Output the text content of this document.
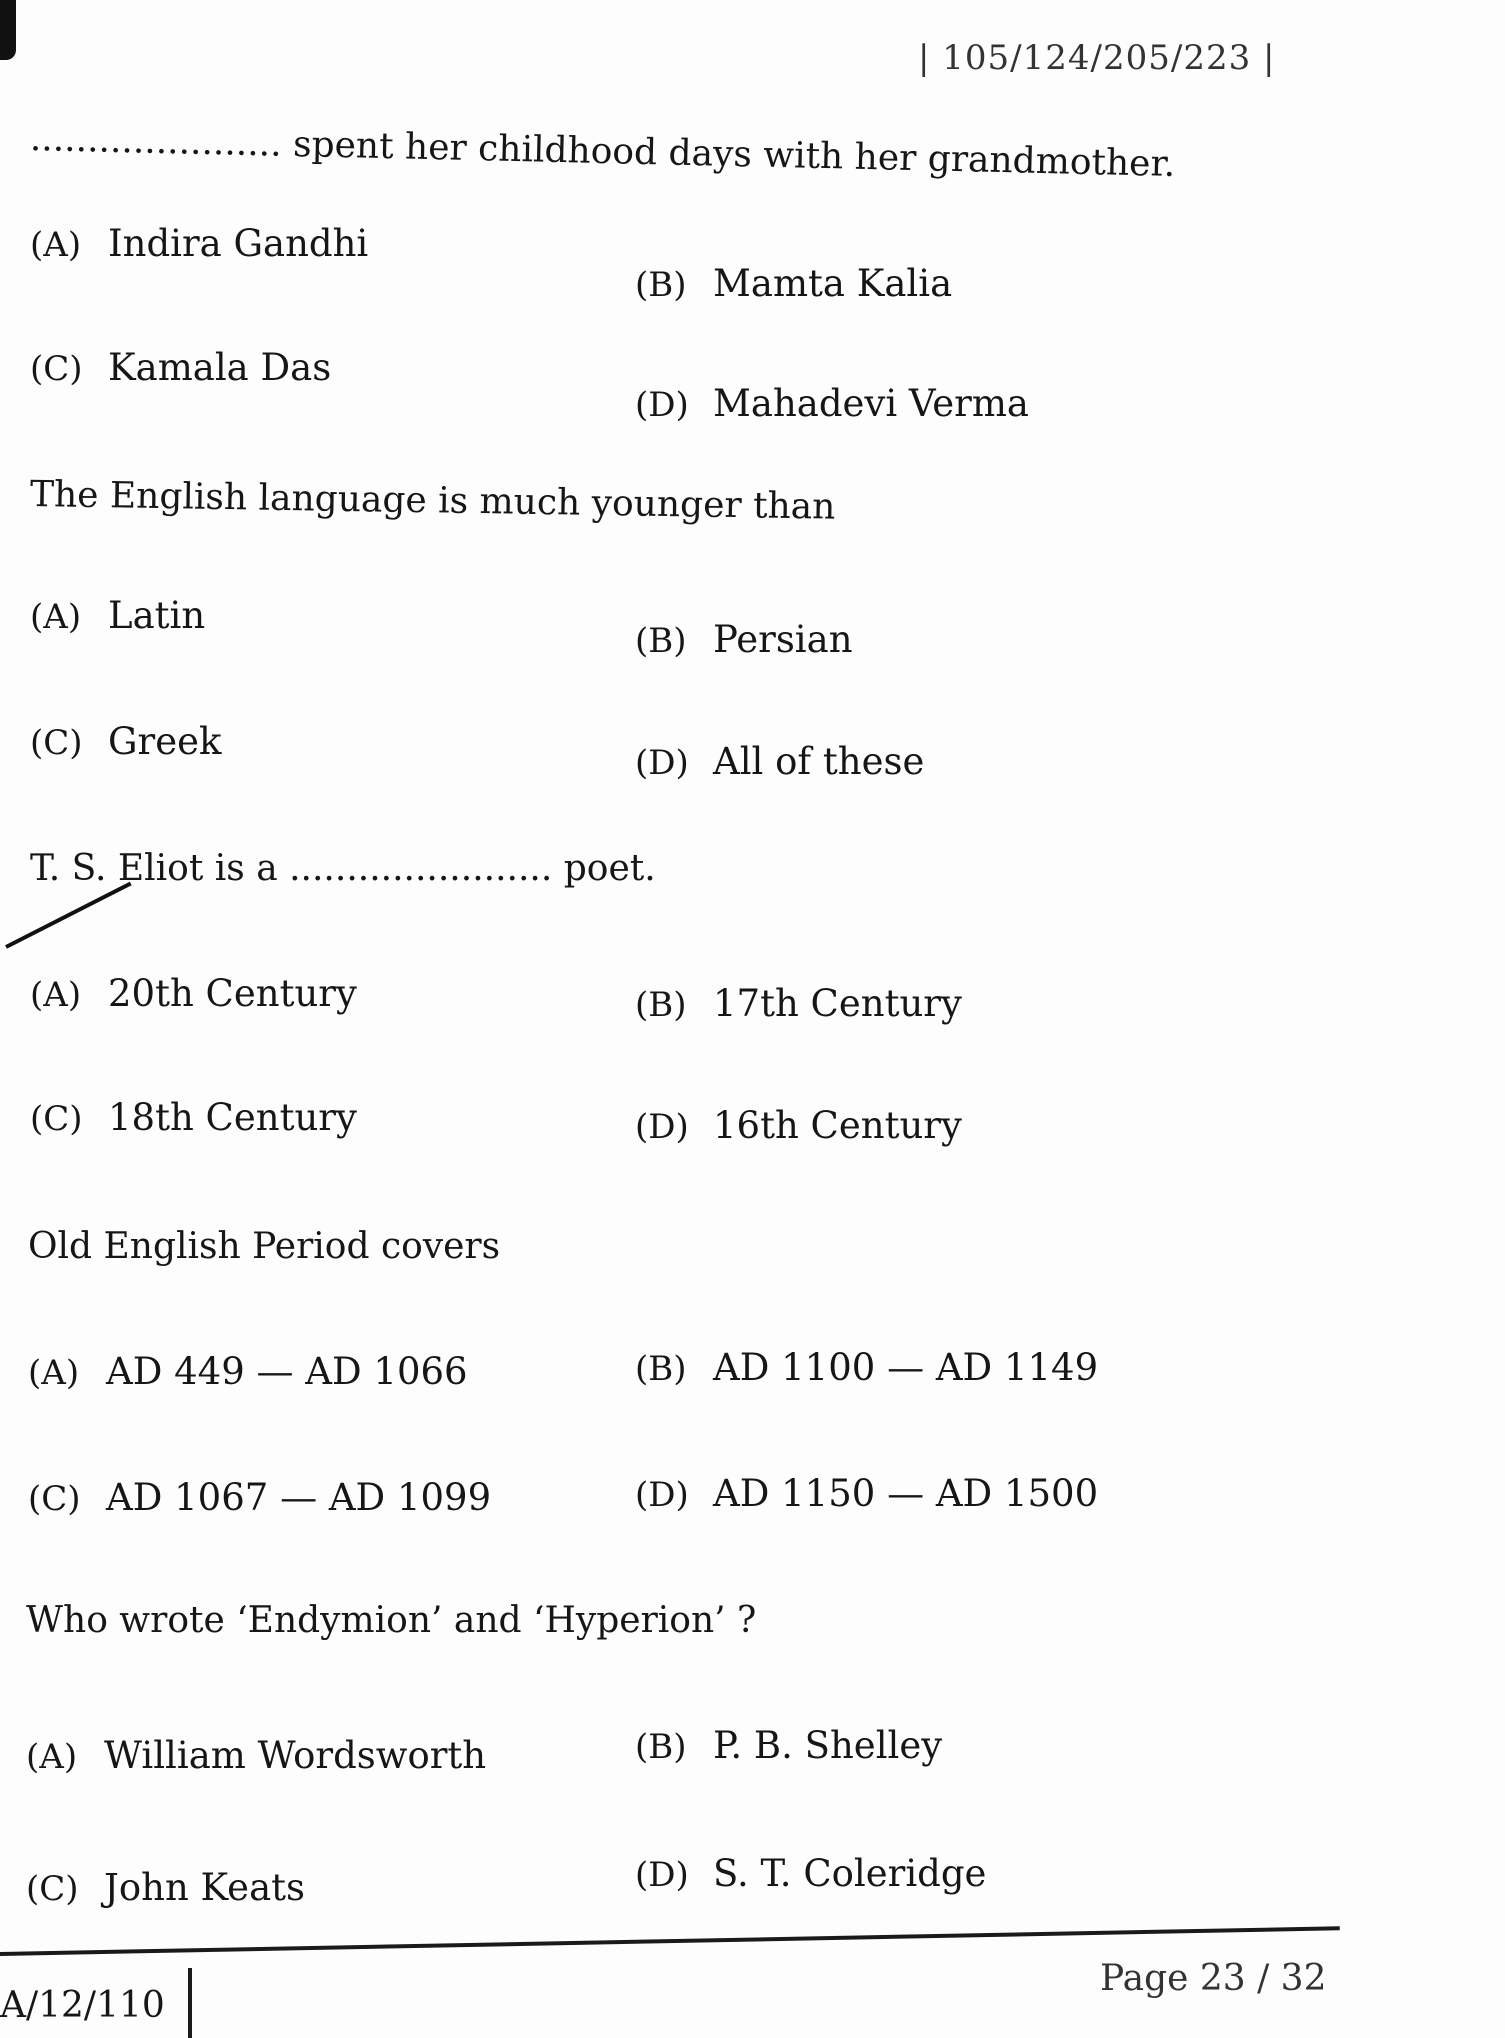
| 105/124/205/223 |
...................... spent her childhood days with her grandmother.
(A) Indira Gandhi
(B) Mamta Kalia
(C) Kamala Das
(D) Mahadevi Verma
The English language is much younger than
(A) Latin
(B) Persian
(C) Greek	(D) All of these
T. S. Eliot is a ....................... poet.
(A) 20th Century	(B) 17th Century
(C) 18th Century	(D) 16th Century
Old English Period covers
(A) AD 449 — AD 1066	(B) AD 1100 — AD 1149
(C) AD 1067 — AD 1099	(D) AD 1150 — AD 1500
Who wrote ‘Endymion’ and ‘Hyperion’ ?
(A) William Wordsworth	(B) P. B. Shelley
(C) John Keats	(D) S. T. Coleridge
A/12/110
Page 23 / 32
